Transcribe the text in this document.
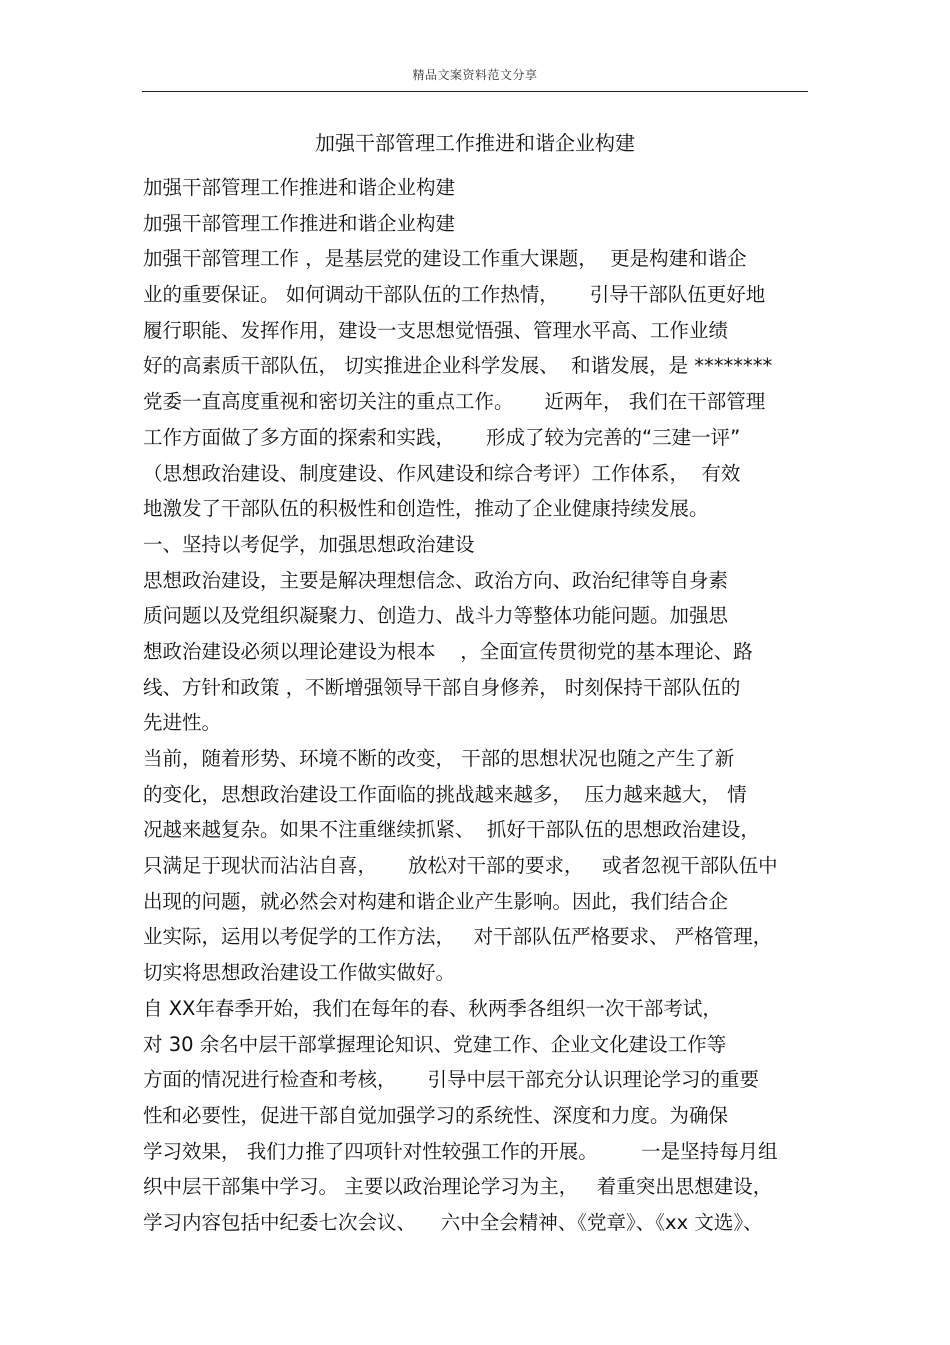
精品文案资料范文分享
加强干部管理工作推进和谐企业构建
加强干部管理工作推进和谐企业构建
加强干部管理工作推进和谐企业构建
加强干部管理工作 ，是基层党的建设工作重大课题，  更是构建和谐企
业的重要保证。 如何调动干部队伍的工作热情，     引导干部队伍更好地
履行职能、发挥作用，建设一支思想觉悟强、管理水平高、工作业绩
好的高素质干部队伍， 切实推进企业科学发展、  和谐发展，是 ********
党委一直高度重视和密切关注的重点工作。     近两年， 我们在干部管理
工作方面做了多方面的探索和实践，     形成了较为完善的“三建一评”
（思想政治建设、制度建设、作风建设和综合考评）工作体系，  有效
地激发了干部队伍的积极性和创造性，推动了企业健康持续发展。
一、坚持以考促学，加强思想政治建设
思想政治建设，主要是解决理想信念、政治方向、政治纪律等自身素
质问题以及党组织凝聚力、创造力、战斗力等整体功能问题。加强思
想政治建设必须以理论建设为根本    ，全面宣传贯彻党的基本理论、路
线、方针和政策 ，不断增强领导干部自身修养， 时刻保持干部队伍的
先进性。
当前，随着形势、环境不断的改变， 干部的思想状况也随之产生了新
的变化，思想政治建设工作面临的挑战越来越多，  压力越来越大， 情
况越来越复杂。如果不注重继续抓紧、  抓好干部队伍的思想政治建设，
只满足于现状而沾沾自喜，     放松对干部的要求，   或者忽视干部队伍中
出现的问题，就必然会对构建和谐企业产生影响。因此，我们结合企
业实际，运用以考促学的工作方法，   对干部队伍严格要求、 严格管理，
切实将思想政治建设工作做实做好。
自 XX年春季开始，我们在每年的春、秋两季各组织一次干部考试，
对 30 余名中层干部掌握理论知识、党建工作、企业文化建设工作等
方面的情况进行检查和考核，     引导中层干部充分认识理论学习的重要
性和必要性，促进干部自觉加强学习的系统性、深度和力度。为确保
学习效果， 我们力推了四项针对性较强工作的开展。       一是坚持每月组
织中层干部集中学习。 主要以政治理论学习为主，   着重突出思想建设，
学习内容包括中纪委七次会议、    六中全会精神、《党章》、《xx 文选》、
